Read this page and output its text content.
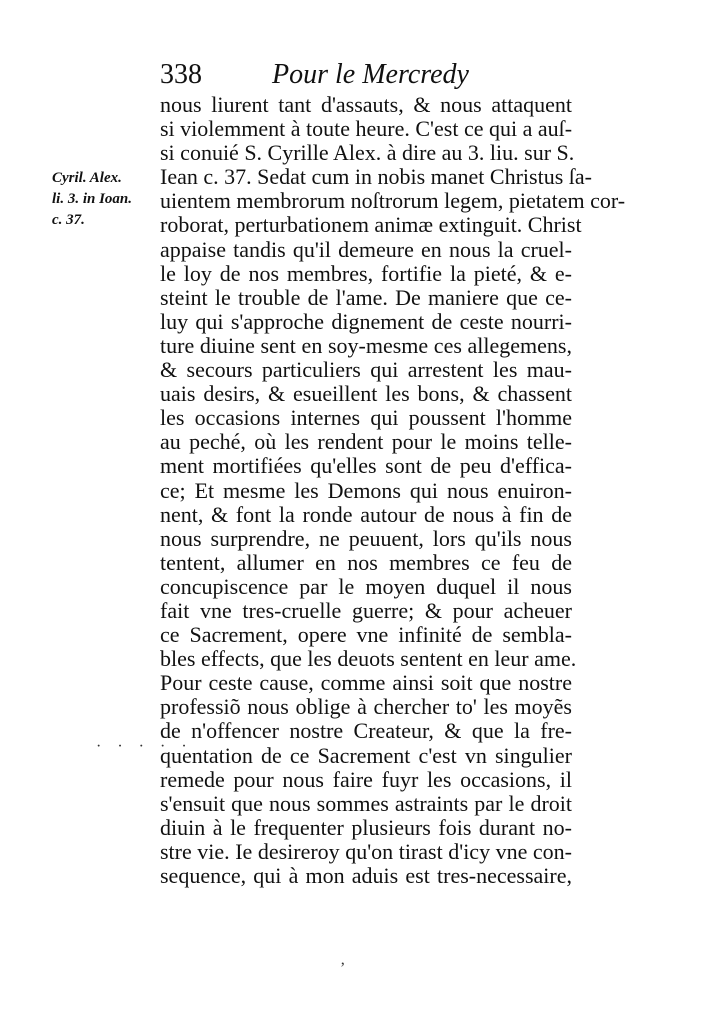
338	Pour le Mercredy
Cyril. Alex.
li. 3. in Ioan.
c. 37.
nous liurent tant d'assauts, & nous attaquent
si violemment à toute heure. C'est ce qui a auſ-
si conuié S. Cyrille Alex. à dire au 3. liu. sur S.
Iean c. 37. Sedat cum in nobis manet Christus ſa-
uientem membrorum noſtrorum legem, pietatem cor-
roborat, perturbationem animæ extinguit. Christ
appaise tandis qu'il demeure en nous la cruel-
le loy de nos membres, fortifie la pieté, & e-
steint le trouble de l'ame. De maniere que ce-
luy qui s'approche dignement de ceste nourri-
ture diuine sent en soy-mesme ces allegemens,
& secours particuliers qui arrestent les mau-
uais desirs, & esueillent les bons, & chassent
les occasions internes qui poussent l'homme
au peché, où les rendent pour le moins telle-
ment mortifiées qu'elles sont de peu d'effica-
ce; Et mesme les Demons qui nous enuiron-
nent, & font la ronde autour de nous à fin de
nous surprendre, ne peuuent, lors qu'ils nous
tentent, allumer en nos membres ce feu de
concupiscence par le moyen duquel il nous
fait vne tres-cruelle guerre; & pour acheuer
ce Sacrement, opere vne infinité de sembla-
bles effects, que les deuots sentent en leur ame.
Pour ceste cause, comme ainsi soit que nostre
professiõ nous oblige à chercher to' les moyẽs
de n'offencer nostre Createur, & que la fre-
quentation de ce Sacrement c'est vn singulier
remede pour nous faire fuyr les occasions, il
s'ensuit que nous sommes astraints par le droit
diuin à le frequenter plusieurs fois durant no-
stre vie. Ie desireroy qu'on tirast d'icy vne con-
sequence, qui à mon aduis est tres-necessaire,
· · · · ·
ʼ
